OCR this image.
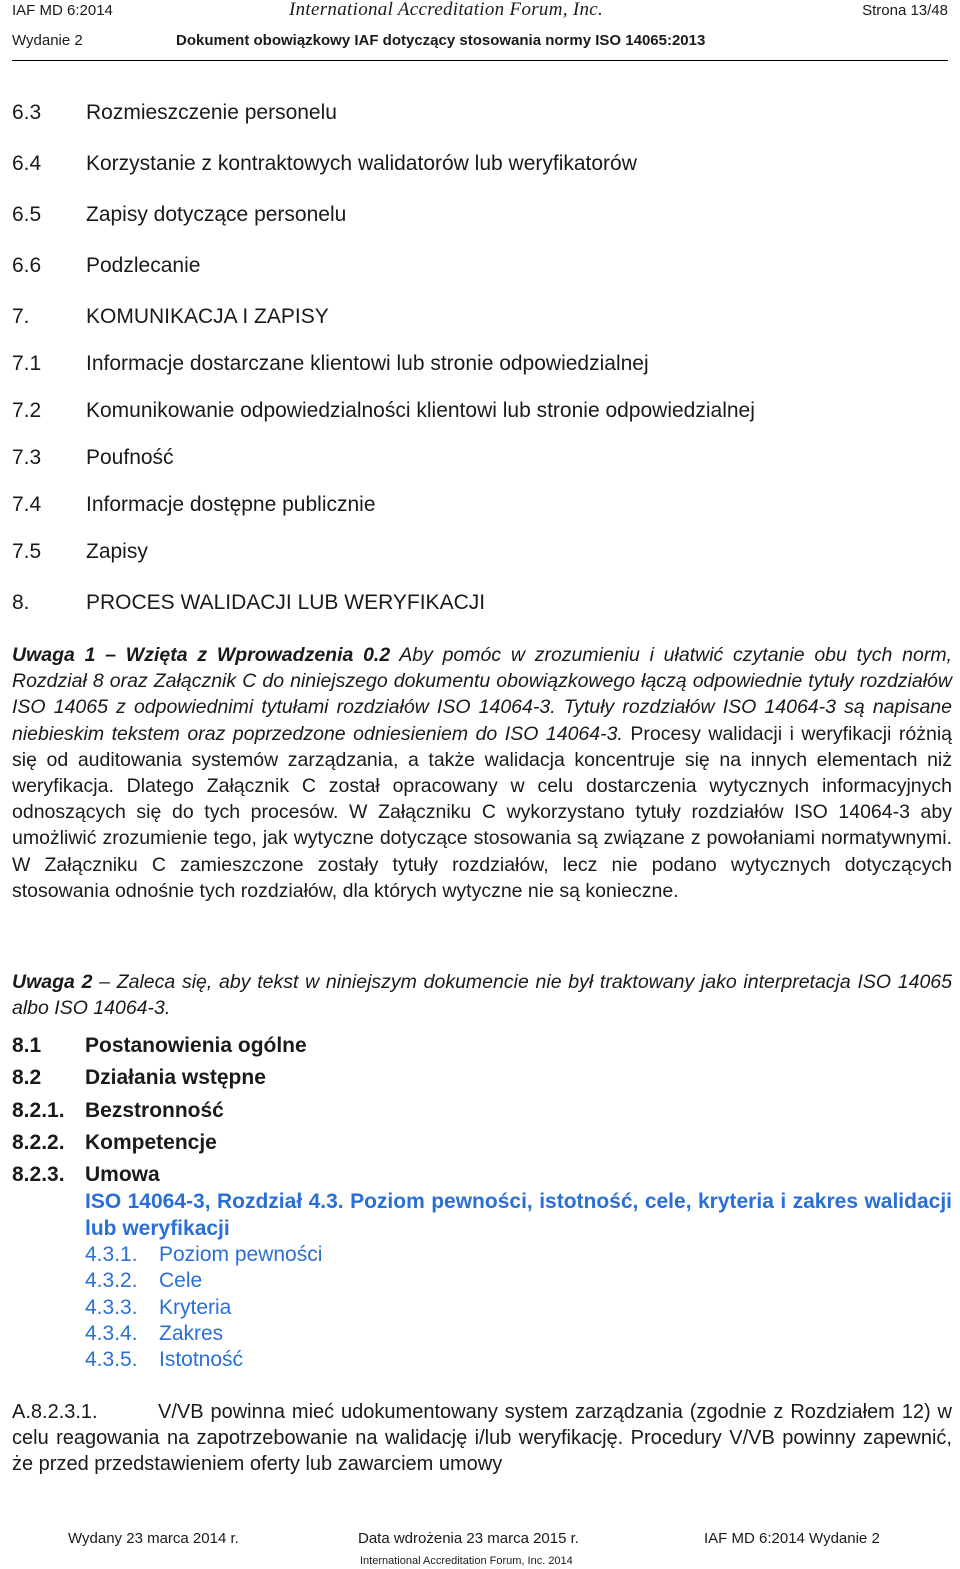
IAF MD 6:2014	International Accreditation Forum, Inc.	Strona 13/48
Wydanie 2	Dokument obowiązkowy IAF dotyczący stosowania normy ISO 14065:2013
6.3 Rozmieszczenie personelu
6.4 Korzystanie z kontraktowych walidatorów lub weryfikatorów
6.5 Zapisy dotyczące personelu
6.6 Podzlecanie
7.	KOMUNIKACJA I ZAPISY
7.1 Informacje dostarczane klientowi lub stronie odpowiedzialnej
7.2 Komunikowanie odpowiedzialności klientowi lub stronie odpowiedzialnej
7.3 Poufność
7.4 Informacje dostępne publicznie
7.5 Zapisy
8.	PROCES WALIDACJI LUB WERYFIKACJI
Uwaga 1 – Wzięta z Wprowadzenia 0.2 Aby pomóc w zrozumieniu i ułatwić czytanie obu tych norm, Rozdział 8 oraz Załącznik C do niniejszego dokumentu obowiązkowego łączą odpowiednie tytuły rozdziałów ISO 14065 z odpowiednimi tytułami rozdziałów ISO 14064-3. Tytuły rozdziałów ISO 14064-3 są napisane niebieskim tekstem oraz poprzedzone odniesieniem do ISO 14064-3. Procesy walidacji i weryfikacji różnią się od auditowania systemów zarządzania, a także walidacja koncentruje się na innych elementach niż weryfikacja. Dlatego Załącznik C został opracowany w celu dostarczenia wytycznych informacyjnych odnoszących się do tych procesów. W Załączniku C wykorzystano tytuły rozdziałów ISO 14064-3 aby umożliwić zrozumienie tego, jak wytyczne dotyczące stosowania są związane z powołaniami normatywnymi. W Załączniku C zamieszczone zostały tytuły rozdziałów, lecz nie podano wytycznych dotyczących stosowania odnośnie tych rozdziałów, dla których wytyczne nie są konieczne.
Uwaga 2 – Zaleca się, aby tekst w niniejszym dokumencie nie był traktowany jako interpretacja ISO 14065 albo ISO 14064-3.
8.1 Postanowienia ogólne
8.2 Działania wstępne
8.2.1. Bezstronność
8.2.2. Kompetencje
8.2.3. Umowa
ISO 14064-3, Rozdział 4.3. Poziom pewności, istotność, cele, kryteria i zakres walidacji lub weryfikacji
4.3.1. Poziom pewności
4.3.2. Cele
4.3.3. Kryteria
4.3.4. Zakres
4.3.5. Istotność
A.8.2.3.1.	V/VB powinna mieć udokumentowany system zarządzania (zgodnie z Rozdziałem 12) w celu reagowania na zapotrzebowanie na walidację i/lub weryfikację. Procedury V/VB powinny zapewnić, że przed przedstawieniem oferty lub zawarciem umowy
Wydany 23 marca 2014 r.	Data wdrożenia 23 marca 2015 r.	IAF MD 6:2014 Wydanie 2
International Accreditation Forum, Inc. 2014
